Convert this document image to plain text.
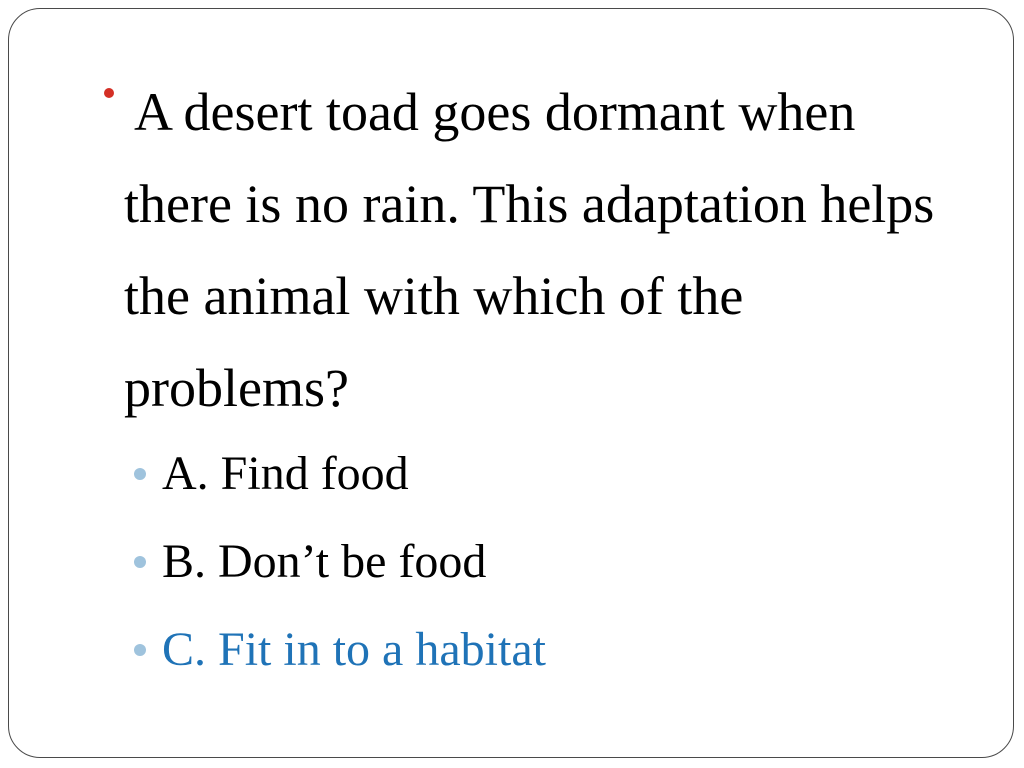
A desert toad goes dormant when there is no rain. This adaptation helps the animal with which of the problems?

A. Find food
B. Don’t be food
C. Fit in to a habitat
